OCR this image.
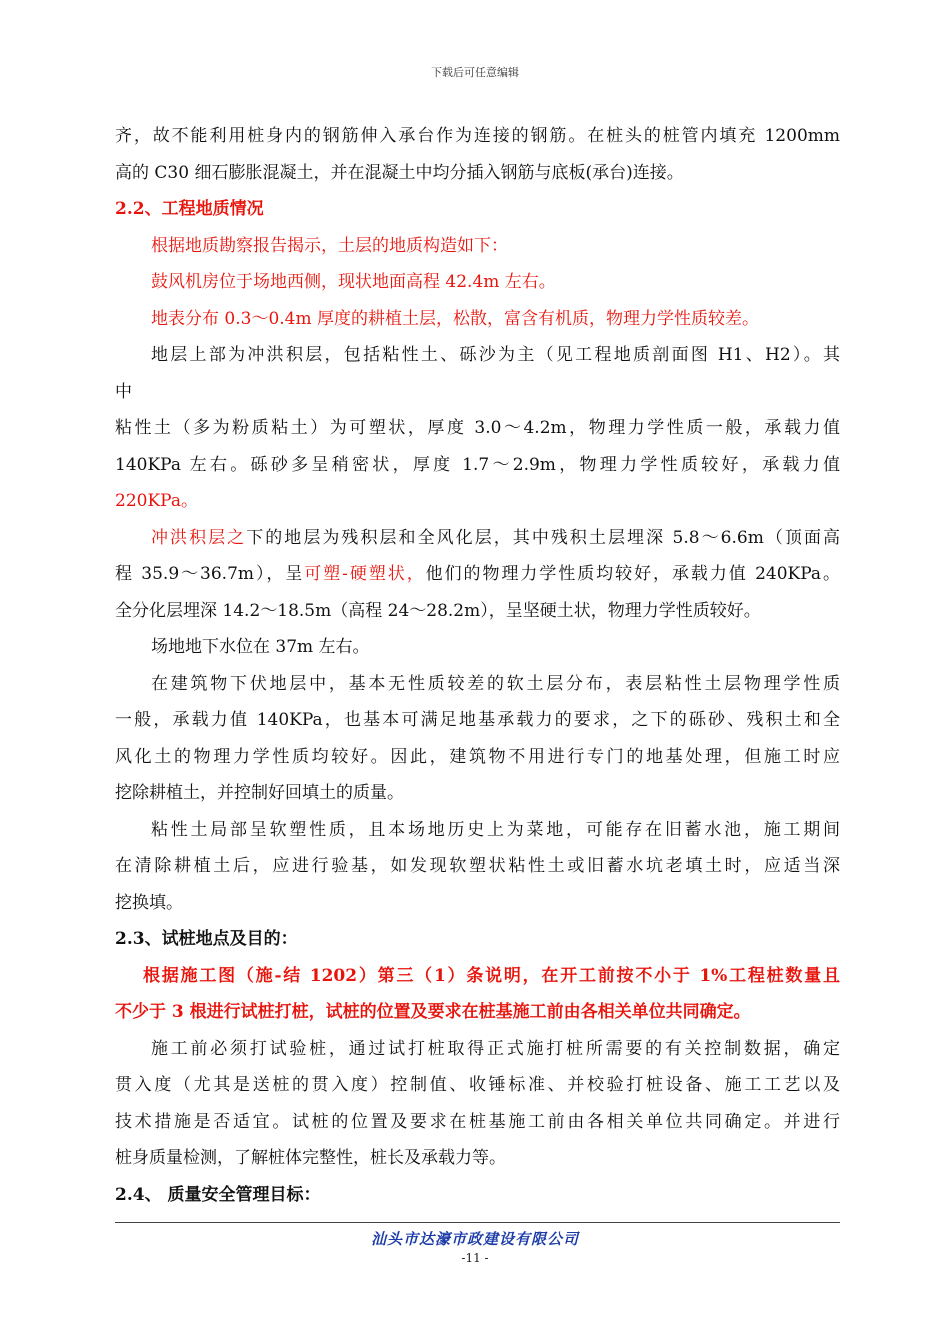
下载后可任意编辑
齐，故不能利用桩身内的钢筋伸入承台作为连接的钢筋。在桩头的桩管内填充 1200mm
高的 C30 细石膨胀混凝土，并在混凝土中均分插入钢筋与底板(承台)连接。
2.2、工程地质情况
根据地质勘察报告揭示，土层的地质构造如下：
鼓风机房位于场地西侧，现状地面高程 42.4m 左右。
地表分布 0.3～0.4m 厚度的耕植土层，松散，富含有机质，物理力学性质较差。
地层上部为冲洪积层，包括粘性土、砾沙为主（见工程地质剖面图 H1、H2）。其
中
粘性土（多为粉质粘土）为可塑状，厚度 3.0～4.2m，物理力学性质一般，承载力值
140KPa 左右。砾砂多呈稍密状，厚度 1.7～2.9m，物理力学性质较好，承载力值
220KPa。
冲洪积层之下的地层为残积层和全风化层，其中残积土层埋深 5.8～6.6m（顶面高
程 35.9～36.7m），呈可塑-硬塑状，他们的物理力学性质均较好，承载力值 240KPa。
全分化层埋深 14.2～18.5m（高程 24～28.2m），呈坚硬土状，物理力学性质较好。
场地地下水位在 37m 左右。
在建筑物下伏地层中，基本无性质较差的软土层分布，表层粘性土层物理学性质
一般，承载力值 140KPa，也基本可满足地基承载力的要求，之下的砾砂、残积土和全
风化土的物理力学性质均较好。因此，建筑物不用进行专门的地基处理，但施工时应
挖除耕植土，并控制好回填土的质量。
粘性土局部呈软塑性质，且本场地历史上为菜地，可能存在旧蓄水池，施工期间
在清除耕植土后，应进行验基，如发现软塑状粘性土或旧蓄水坑老填土时，应适当深
挖换填。
2.3、试桩地点及目的：
根据施工图（施-结 1202）第三（1）条说明，在开工前按不小于 1%工程桩数量且
不少于 3 根进行试桩打桩，试桩的位置及要求在桩基施工前由各相关单位共同确定。
施工前必须打试验桩，通过试打桩取得正式施打桩所需要的有关控制数据，确定
贯入度（尤其是送桩的贯入度）控制值、收锤标准、并校验打桩设备、施工工艺以及
技术措施是否适宜。试桩的位置及要求在桩基施工前由各相关单位共同确定。并进行
桩身质量检测，了解桩体完整性，桩长及承载力等。
2.4、 质量安全管理目标：
汕头市达濠市政建设有限公司
-11 -
